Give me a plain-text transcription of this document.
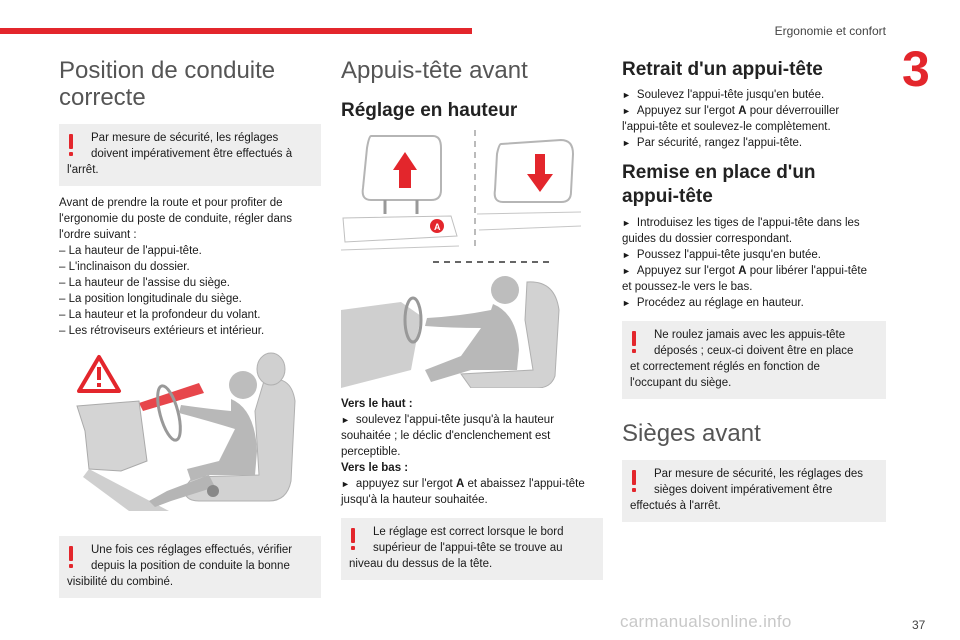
Ergonomie et confort
3
Position de conduite
correcte
Par mesure de sécurité, les réglages
doivent impérativement être effectués à
l'arrêt.
Avant de prendre la route et pour profiter de
l'ergonomie du poste de conduite, régler dans
l'ordre suivant :
– La hauteur de l'appui-tête.
– L'inclinaison du dossier.
– La hauteur de l'assise du siège.
– La position longitudinale du siège.
– La hauteur et la profondeur du volant.
– Les rétroviseurs extérieurs et intérieur.
Une fois ces réglages effectués, vérifier
depuis la position de conduite la bonne
visibilité du combiné.
Appuis-tête avant
Réglage en hauteur
A
Vers le haut :
► soulevez l'appui-tête jusqu'à la hauteur
souhaitée ; le déclic d'enclenchement est
perceptible.
Vers le bas :
► appuyez sur l'ergot A et abaissez l'appui-tête
jusqu'à la hauteur souhaitée.
Le réglage est correct lorsque le bord
supérieur de l'appui-tête se trouve au
niveau du dessus de la tête.
Retrait d'un appui-tête
► Soulevez l'appui-tête jusqu'en butée.
► Appuyez sur l'ergot A pour déverrouiller
l'appui-tête et soulevez-le complètement.
► Par sécurité, rangez l'appui-tête.
Remise en place d'un
appui-tête
► Introduisez les tiges de l'appui-tête dans les
guides du dossier correspondant.
► Poussez l'appui-tête jusqu'en butée.
► Appuyez sur l'ergot A pour libérer l'appui-tête
et poussez-le vers le bas.
► Procédez au réglage en hauteur.
Ne roulez jamais avec les appuis-tête
déposés ; ceux-ci doivent être en place
et correctement réglés en fonction de
l'occupant du siège.
Sièges avant
Par mesure de sécurité, les réglages des
sièges doivent impérativement être
effectués à l'arrêt.
carmanualsonline.info	37
